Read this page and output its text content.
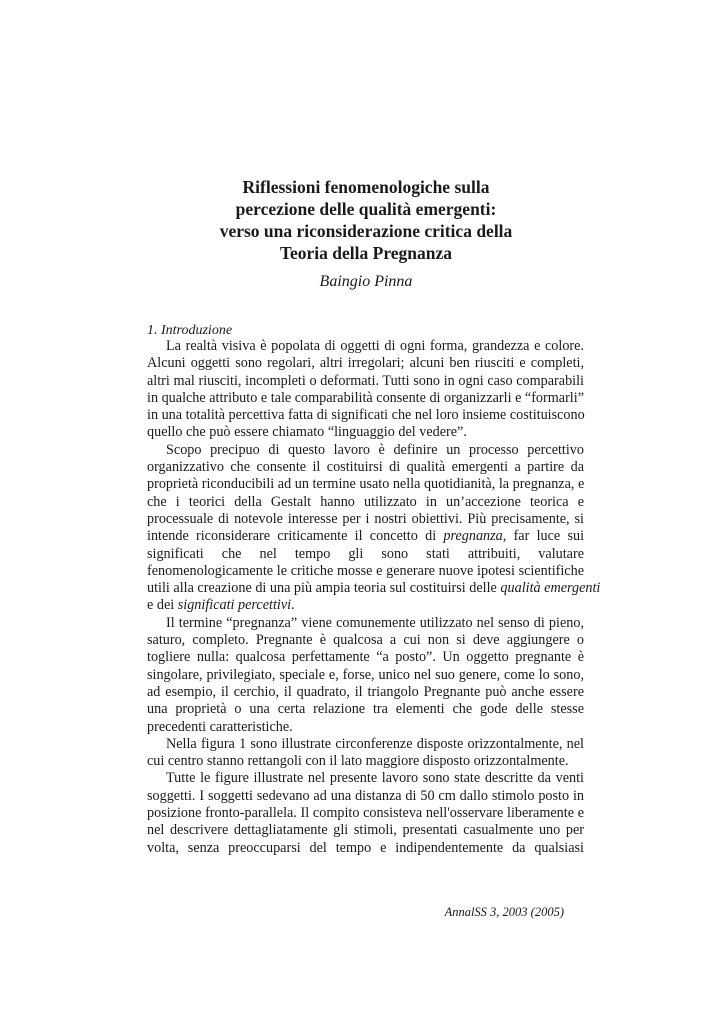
Riflessioni fenomenologiche sulla
percezione delle qualità emergenti:
verso una riconsiderazione critica della
Teoria della Pregnanza
Baingio Pinna
1. Introduzione
La realtà visiva è popolata di oggetti di ogni forma, grandezza e colore.
Alcuni oggetti sono regolari, altri irregolari; alcuni ben riusciti e completi,
altri mal riusciti, incompleti o deformati. Tutti sono in ogni caso comparabili
in qualche attributo e tale comparabilità consente di organizzarli e “formarli”
in una totalità percettiva fatta di significati che nel loro insieme costituiscono
quello che può essere chiamato “linguaggio del vedere”.
Scopo precipuo di questo lavoro è definire un processo percettivo
organizzativo che consente il costituirsi di qualità emergenti a partire da
proprietà riconducibili ad un termine usato nella quotidianità, la pregnanza, e
che i teorici della Gestalt hanno utilizzato in un’accezione teorica e
processuale di notevole interesse per i nostri obiettivi. Più precisamente, si
intende riconsiderare criticamente il concetto di pregnanza, far luce sui
significati che nel tempo gli sono stati attribuiti, valutare
fenomenologicamente le critiche mosse e generare nuove ipotesi scientifiche
utili alla creazione di una più ampia teoria sul costituirsi delle qualità emergenti
e dei significati percettivi.
Il termine “pregnanza” viene comunemente utilizzato nel senso di pieno,
saturo, completo. Pregnante è qualcosa a cui non si deve aggiungere o
togliere nulla: qualcosa perfettamente “a posto”. Un oggetto pregnante è
singolare, privilegiato, speciale e, forse, unico nel suo genere, come lo sono,
ad esempio, il cerchio, il quadrato, il triangolo Pregnante può anche essere
una proprietà o una certa relazione tra elementi che gode delle stesse
precedenti caratteristiche.
Nella figura 1 sono illustrate circonferenze disposte orizzontalmente, nel
cui centro stanno rettangoli con il lato maggiore disposto orizzontalmente.
Tutte le figure illustrate nel presente lavoro sono state descritte da venti
soggetti. I soggetti sedevano ad una distanza di 50 cm dallo stimolo posto in
posizione fronto-parallela. Il compito consisteva nell'osservare liberamente e
nel descrivere dettagliatamente gli stimoli, presentati casualmente uno per
volta, senza preoccuparsi del tempo e indipendentemente da qualsiasi
AnnalSS 3, 2003 (2005)
